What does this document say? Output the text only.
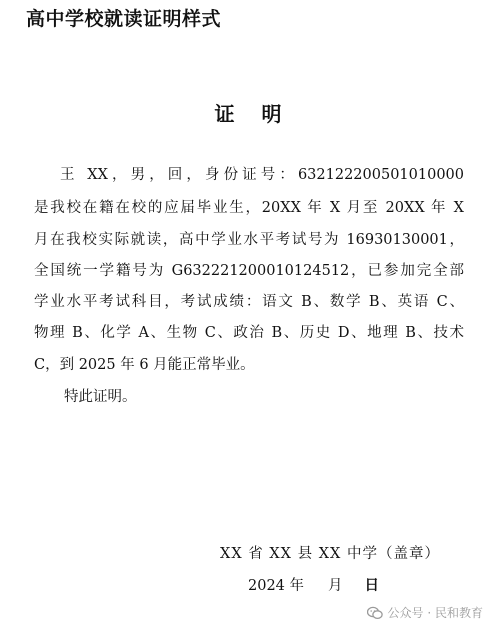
高中学校就读证明样式
证 明
王 XX，男，回，身份证号：632122200501010000
是我校在籍在校的应届毕业生，20XX 年 X 月至 20XX 年 X
月在我校实际就读，高中学业水平考试号为 16930130001，
全国统一学籍号为 G632221200010124512，已参加完全部
学业水平考试科目，考试成绩：语文 B、数学 B、英语 C、
物理 B、化学 A、生物 C、政治 B、历史 D、地理 B、技术
C，到 2025 年 6 月能正常毕业。
特此证明。
XX 省 XX 县 XX 中学（盖章）
2024 年 月 日
公众号 · 民和教育
